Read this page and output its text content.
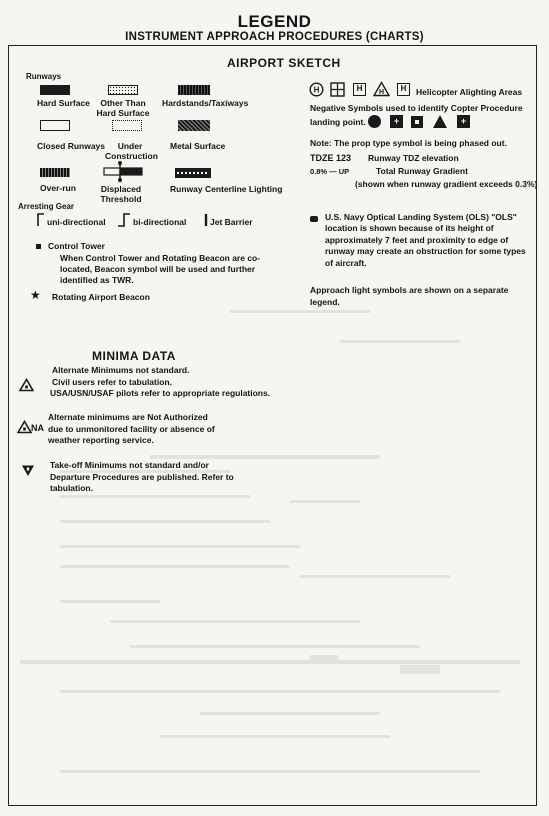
LEGEND
INSTRUMENT APPROACH PROCEDURES (CHARTS)
AIRPORT SKETCH
Runways
Hard Surface	Other Than Hard Surface
Hardstands/Taxiways
Closed Runways	Under Construction
Metal Surface
Over-run	Displaced Threshold
Runway Centerline Lighting
Arresting Gear
uni-directional	bi-directional	Jet Barrier
Control Tower
When Control Tower and Rotating Beacon are co-located, Beacon symbol will be used and further identified as TWR.
★ Rotating Airport Beacon
H	H	H	H	Helicopter Alighting Areas
Negative Symbols used to identify Copter Procedure
landing point.	+	+
Note: The prop type symbol is being phased out.
TDZE 123 Runway TDZ elevation
0.8% — UP	Total Runway Gradient
(shown when runway gradient exceeds 0.3%)
U.S. Navy Optical Landing System (OLS) "OLS" location is shown because of its height of approximately 7 feet and proximity to edge of runway may create an obstruction for some types of aircraft.
Approach light symbols are shown on a separate legend.
MINIMA DATA
Alternate Minimums not standard.
Civil users refer to tabulation.
USA/USN/USAF pilots refer to appropriate regulations.
NA
Alternate minimums are Not Authorized
due to unmonitored facility or absence of
weather reporting service.
Take-off Minimums not standard and/or
Departure Procedures are published. Refer to
tabulation.
